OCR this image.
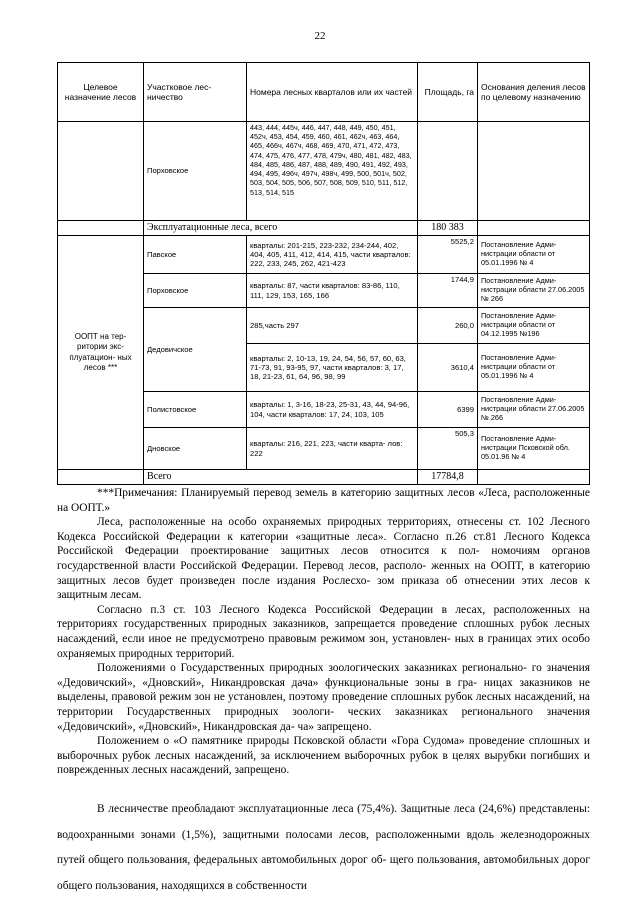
22
Целевое назначение лесов	Участковое лес- ничество	Номера лесных кварталов или их частей	Площадь, га	Основания деления лесов по целевому назначению
	Порховское	443, 444, 445ч, 446, 447, 448, 449, 450, 451, 452ч, 453, 454, 459, 460, 461, 462ч, 463, 464, 465, 466ч, 467ч, 468, 469, 470, 471, 472, 473, 474, 475, 476, 477, 478, 479ч, 480, 481, 482, 483, 484, 485, 486, 487, 488, 489, 490, 491, 492, 493, 494, 495, 496ч, 497ч, 498ч, 499, 500, 501ч, 502, 503, 504, 505, 506, 507, 508, 509, 510, 511, 512, 513, 514, 515		
	Эксплуатационные леса, всего		180 383	
ООПТ на тер- ритории экс- плуатацион- ных лесов ***	Павское	кварталы: 201-215, 223-232, 234-244, 402, 404, 405, 411, 412, 414, 415, части кварталов: 222, 233, 245, 262, 421-423	5525,2	Постановление Адми- нистрации области от 05.01.1996 № 4
	Порховское	кварталы: 87, части кварталов: 83-86, 110, 111, 129, 153, 165, 166	1744,9	Постановление Адми- нистрации области 27.06.2005 № 266
	Дедовичское	285,часть 297	260,0	Постановление Адми- нистрации области от 04.12.1995 №196
		кварталы: 2, 10-13, 19, 24, 54, 56, 57, 60, 63, 71-73, 91, 93-95, 97, части кварталов: 3, 17, 18, 21-23, 61, 64, 96, 98, 99	3610,4	Постановление Адми- нистрации области от 05.01.1996 № 4
	Полистовское	кварталы: 1, 3-16, 18-23, 25-31, 43, 44, 94-96, 104, части кварталов: 17, 24, 103, 105	6399	Постановление Адми- нистрации области 27.06.2005 № 266
	Дновское	кварталы: 216, 221, 223, части кварта- лов: 222	505,3	Постановление Адми- нистрации Псковской обл. 05.01.96 № 4
	Всего		17784,8	

***Примечания: Планируемый перевод земель в категорию защитных лесов «Леса, расположенные на ООПТ.»

Леса, расположенные на особо охраняемых природных территориях, отнесены ст. 102 Лесного Кодекса Российской Федерации к категории «защитные леса». Согласно п.26 ст.81 Лесного Кодекса Российской Федерации проектирование защитных лесов относится к пол- номочиям органов государственной власти Российской Федерации. Перевод лесов, располо- женных на ООПТ, в категорию защитных лесов будет произведен после издания Рослесхо- зом приказа об отнесении этих лесов к защитным лесам.

Согласно п.3 ст. 103 Лесного Кодекса Российской Федерации в лесах, расположенных на территориях государственных природных заказников, запрещается проведение сплошных рубок лесных насаждений, если иное не предусмотрено правовым режимом зон, установлен- ных в границах этих особо охраняемых природных территорий.

Положениями о Государственных природных зоологических заказниках регионально- го значения «Дедовичский», «Дновский», Никандровская дача» функциональные зоны в гра- ницах заказников не выделены, правовой режим зон не установлен, поэтому проведение сплошных рубок лесных насаждений, на территории Государственных природных зоологи- ческих заказниках регионального значения «Дедовичский», «Дновский», Никандровская да- ча» запрещено.

Положением о «О памятнике природы Псковской области «Гора Судома» проведение сплошных и выборочных рубок лесных насаждений, за исключением выборочных рубок в целях вырубки погибших и поврежденных лесных насаждений, запрещено.

В лесничестве преобладают эксплуатационные леса (75,4%). Защитные леса (24,6%) представлены: водоохранными зонами (1,5%), защитными полосами лесов, расположенными вдоль железнодорожных путей общего пользования, федеральных автомобильных дорог об- щего пользования, автомобильных дорог общего пользования, находящихся в собственности
